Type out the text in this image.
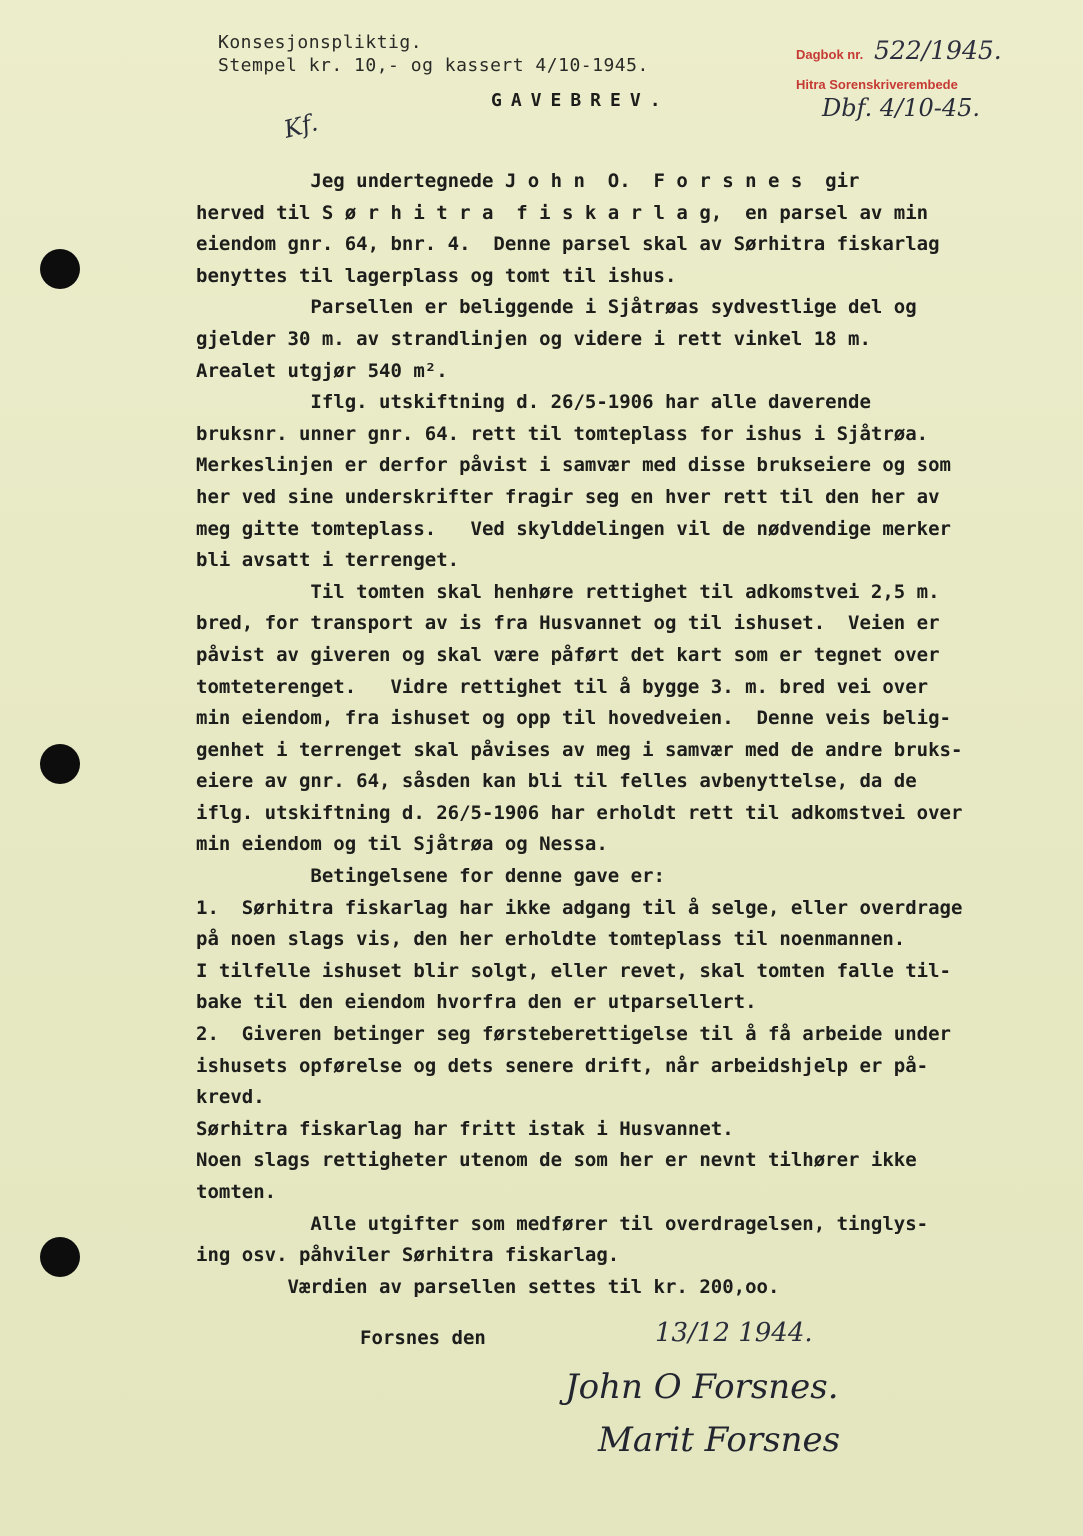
Konsesjonspliktig.
Stempel kr. 10,- og kassert 4/10-1945.
Dagbok nr. 522/1945.
Hitra Sorenskriverembede
Dbf. 4/10-45.
Kf.
GAVEBREV.
Jeg undertegnede J o h n  O.  F o r s n e s  gir
herved til S ø r h i t r a  f i s k a r l a g,  en parsel av min
eiendom gnr. 64, bnr. 4.  Denne parsel skal av Sørhitra fiskarlag
benyttes til lagerplass og tomt til ishus.
Parsellen er beliggende i Sjåtrøas sydvestlige del og
gjelder 30 m. av strandlinjen og videre i rett vinkel 18 m.
Arealet utgjør 540 m².
Iflg. utskiftning d. 26/5-1906 har alle daverende
bruksnr. unner gnr. 64. rett til tomteplass for ishus i Sjåtrøa.
Merkeslinjen er derfor påvist i samvær med disse brukseiere og som
her ved sine underskrifter fragir seg en hver rett til den her av
meg gitte tomteplass.   Ved skylddelingen vil de nødvendige merker
bli avsatt i terrenget.
Til tomten skal henhøre rettighet til adkomstvei 2,5 m.
bred, for transport av is fra Husvannet og til ishuset.  Veien er
påvist av giveren og skal være påført det kart som er tegnet over
tomteterenget.   Vidre rettighet til å bygge 3. m. bred vei over
min eiendom, fra ishuset og opp til hovedveien.  Denne veis belig-
genhet i terrenget skal påvises av meg i samvær med de andre bruks-
eiere av gnr. 64, såsden kan bli til felles avbenyttelse, da de
iflg. utskiftning d. 26/5-1906 har erholdt rett til adkomstvei over
min eiendom og til Sjåtrøa og Nessa.
Betingelsene for denne gave er:
1.  Sørhitra fiskarlag har ikke adgang til å selge, eller overdrage
på noen slags vis, den her erholdte tomteplass til noenmannen.
I tilfelle ishuset blir solgt, eller revet, skal tomten falle til-
bake til den eiendom hvorfra den er utparsellert.
2.  Giveren betinger seg førsteberettigelse til å få arbeide under
ishusets opførelse og dets senere drift, når arbeidshjelp er på-
krevd.
Sørhitra fiskarlag har fritt istak i Husvannet.
Noen slags rettigheter utenom de som her er nevnt tilhører ikke
tomten.
Alle utgifter som medfører til overdragelsen, tinglys-
ing osv. påhviler Sørhitra fiskarlag.
Værdien av parsellen settes til kr. 200,oo.
Forsnes den	13/12 1944.
John O Forsnes.
Marit Forsnes
